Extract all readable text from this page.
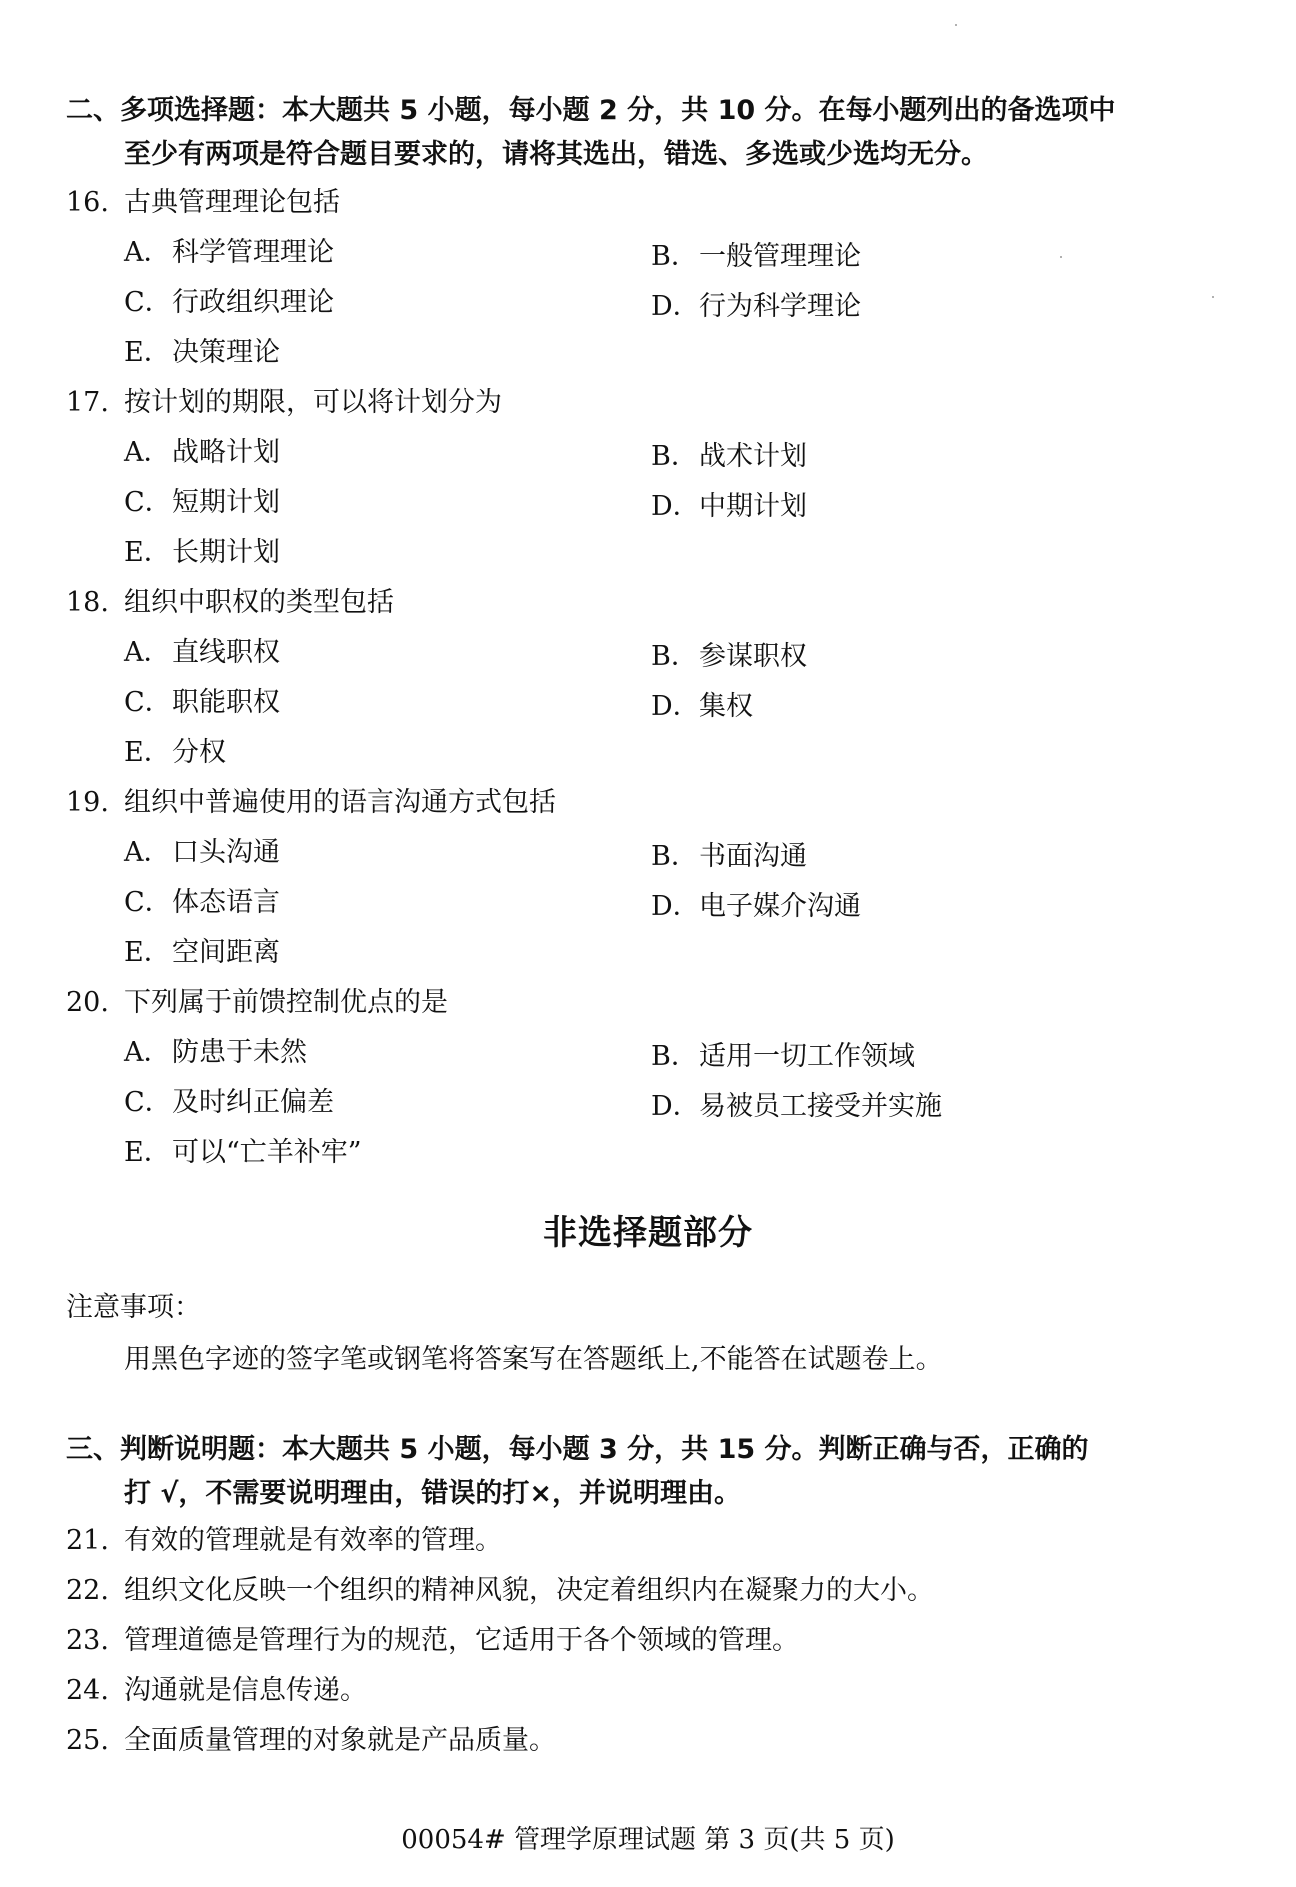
二、多项选择题：本大题共 5 小题，每小题 2 分，共 10 分。在每小题列出的备选项中
至少有两项是符合题目要求的，请将其选出，错选、多选或少选均无分。
16. 古典管理理论包括
A．科学管理理论	B．一般管理理论
C．行政组织理论	D．行为科学理论
E．决策理论
17. 按计划的期限，可以将计划分为
A．战略计划	B．战术计划
C．短期计划	D．中期计划
E．长期计划
18. 组织中职权的类型包括
A．直线职权	B．参谋职权
C．职能职权	D．集权
E．分权
19. 组织中普遍使用的语言沟通方式包括
A．口头沟通	B．书面沟通
C．体态语言	D．电子媒介沟通
E．空间距离
20. 下列属于前馈控制优点的是
A．防患于未然	B．适用一切工作领域
C．及时纠正偏差	D．易被员工接受并实施
E．可以“亡羊补牢”
非选择题部分
注意事项：
用黑色字迹的签字笔或钢笔将答案写在答题纸上,不能答在试题卷上。
三、判断说明题：本大题共 5 小题，每小题 3 分，共 15 分。判断正确与否，正确的
打 √，不需要说明理由，错误的打×，并说明理由。
21. 有效的管理就是有效率的管理。
22. 组织文化反映一个组织的精神风貌，决定着组织内在凝聚力的大小。
23. 管理道德是管理行为的规范，它适用于各个领域的管理。
24. 沟通就是信息传递。
25. 全面质量管理的对象就是产品质量。
00054# 管理学原理试题 第 3 页(共 5 页)
